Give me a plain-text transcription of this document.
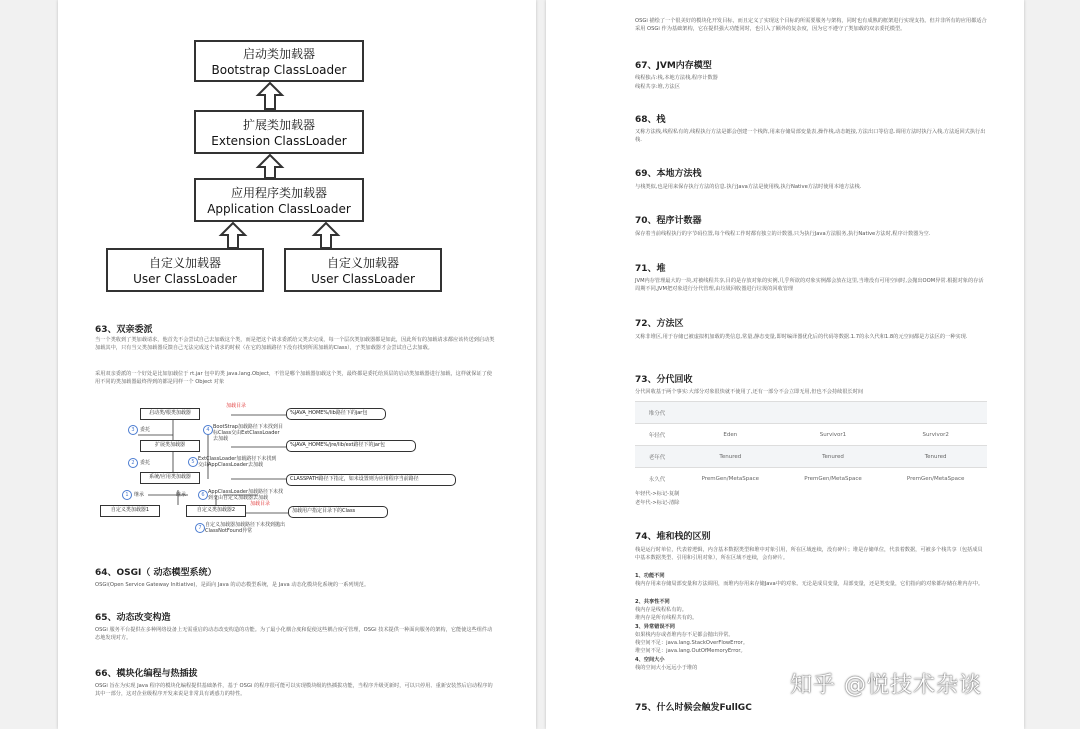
启动类加载器
Bootstrap ClassLoader
扩展类加载器
Extension ClassLoader
应用程序类加载器
Application ClassLoader
自定义加载器
User ClassLoader
自定义加载器
User ClassLoader
63、双亲委派
当一个类收到了类加载请求，他首先不会尝试自己去加载这个类，而是把这个请求委派给父类去完成，每一个层次类加载器都是如此，因此所有的加载请求都应该传送到启动类加载其中，只有当父类加载器反馈自己无法完成这个请求的时候（在它的加载路径下没有找到所需加载的Class），子类加载器才会尝试自己去加载。
采用双亲委派的一个好处是比如加载位于 rt.jar 包中的类 java.lang.Object，不管是哪个加载器加载这个类，最终都是委托给顶层的启动类加载器进行加载，这样就保证了使用不同的类加载器最终得到的都是同样一个 Object 对象
加载目录
加载目录
启动类/根类加载器
扩展类加载器
系统/应用类加载器
自定义类加载器1	自定义类加载器2
%JAVA_HOME%/lib路径下的jar包
%JAVA_HOME%/jre/lib/ext路径下的jar包
CLASSPATH路径下指定，如未设置则为应用程序当前路径
加载用户指定目录下的Class
3	委托
2	委托
1	继承	继承
4 BootStrap加载路径下未找到目标Class交由ExtClassLoader去加载
5 ExtClassLoader加载路径下未找到交由AppClassLoader去加载
6 AppClassLoader加载路径下未找到交由自定义加载器去加载
7 自定义加载器加载路径下未找到抛出ClassNotFound异常
64、OSGI（ 动态模型系统）
OSGi(Open Service Gateway Initiative)，是面向 Java 的动态模型系统，是 Java 动态化模块化系统的一系列规范。
65、动态改变构造
OSGi 服务平台提供在多种网络设备上无需重启的动态改变构造的功能。为了最小化耦合度和促使这些耦合度可管理，OSGi 技术提供一种面向服务的架构，它能使这些组件动态地发现对方。
66、模块化编程与热插拔
OSGi 旨在为实现 Java 程序的模块化编程提供基础条件，基于 OSGi 的程序很可能可以实现模块级的热插拔功能，当程序升级更新时，可以只停用、重新安装然后启动程序的其中一部分，这对企业级程序开发来说是非常具有诱惑力的特性。
OSGi 描绘了一个很美好的模块化开发目标，而且定义了实现这个目标的所需要服务与架构，同时也有成熟的框架进行实现支持。但并非所有的应用都适合采用 OSGi 作为基础架构，它在提供强大功能同时，也引入了额外的复杂度，因为它不遵守了类加载的双亲委托模型。
67、JVM内存模型
线程独占:栈,本地方法栈,程序计数器
线程共享:堆,方法区
68、栈
又称方法栈,线程私有的,线程执行方法是都会创建一个栈阵,用来存储局部变量表,操作栈,动态链接,方法出口等信息.调用方法时执行入栈,方法返回式执行出栈.
69、本地方法栈
与栈类似,也是用来保存执行方法的信息.执行Java方法是使用栈,执行Native方法时使用本地方法栈.
70、程序计数器
保存着当前线程执行的字节码位置,每个线程工作时都有独立的计数器,只为执行Java方法服务,执行Native方法时,程序计数器为空.
71、堆
JVM内存管理最大的一块,对被线程共享,目的是存放对象的实例,几乎所欲的对象实例都会放在这里,当堆没有可用空间时,会抛出OOM异常.根据对象的存活周期不同,JVM把对象进行分代管理,由垃圾回收器进行垃圾的回收管理
72、方法区
又称非堆区,用于存储已被虚拟机加载的类信息,常量,静态变量,即时编译器优化后的代码等数据.1.7的永久代和1.8的元空间都是方法区的一种实现.
73、分代回收
分代回收基于两个事实:大部分对象很快就不使用了,还有一部分不会立即无用,但也不会持续很长时间
堆分代			
年轻代	Eden	Survivor1	Survivor2
老年代	Tenured	Tenured	Tenured
永久代	PremGen/MetaSpace	PremGen/MetaSpace	PremGen/MetaSpace
年轻代->标记-复制
老年代->标记-清除
74、堆和栈的区别
栈是运行时单位，代表着逻辑，内含基本数据类型和堆中对象引用，所在区域连续，没有碎片；堆是存储单位，代表着数据，可被多个栈共享（包括成员中基本数据类型、引用和引用对象），所在区域不连续，会有碎片。
1、功能不同
栈内存用来存储局部变量和方法调用，而堆内存用来存储Java中的对象。无论是成员变量，局部变量，还是类变量，它们指向的对象都存储在堆内存中。
2、共享性不同
栈内存是线程私有的。
堆内存是所有线程共有的。
3、异常错误不同
如果栈内存或者堆内存不足都会抛出异常。
栈空间不足：java.lang.StackOverFlowError。
堆空间不足：java.lang.OutOfMemoryError。
4、空间大小
栈的空间大小远远小于堆的
75、什么时候会触发FullGC
知乎 @悦技术杂谈
